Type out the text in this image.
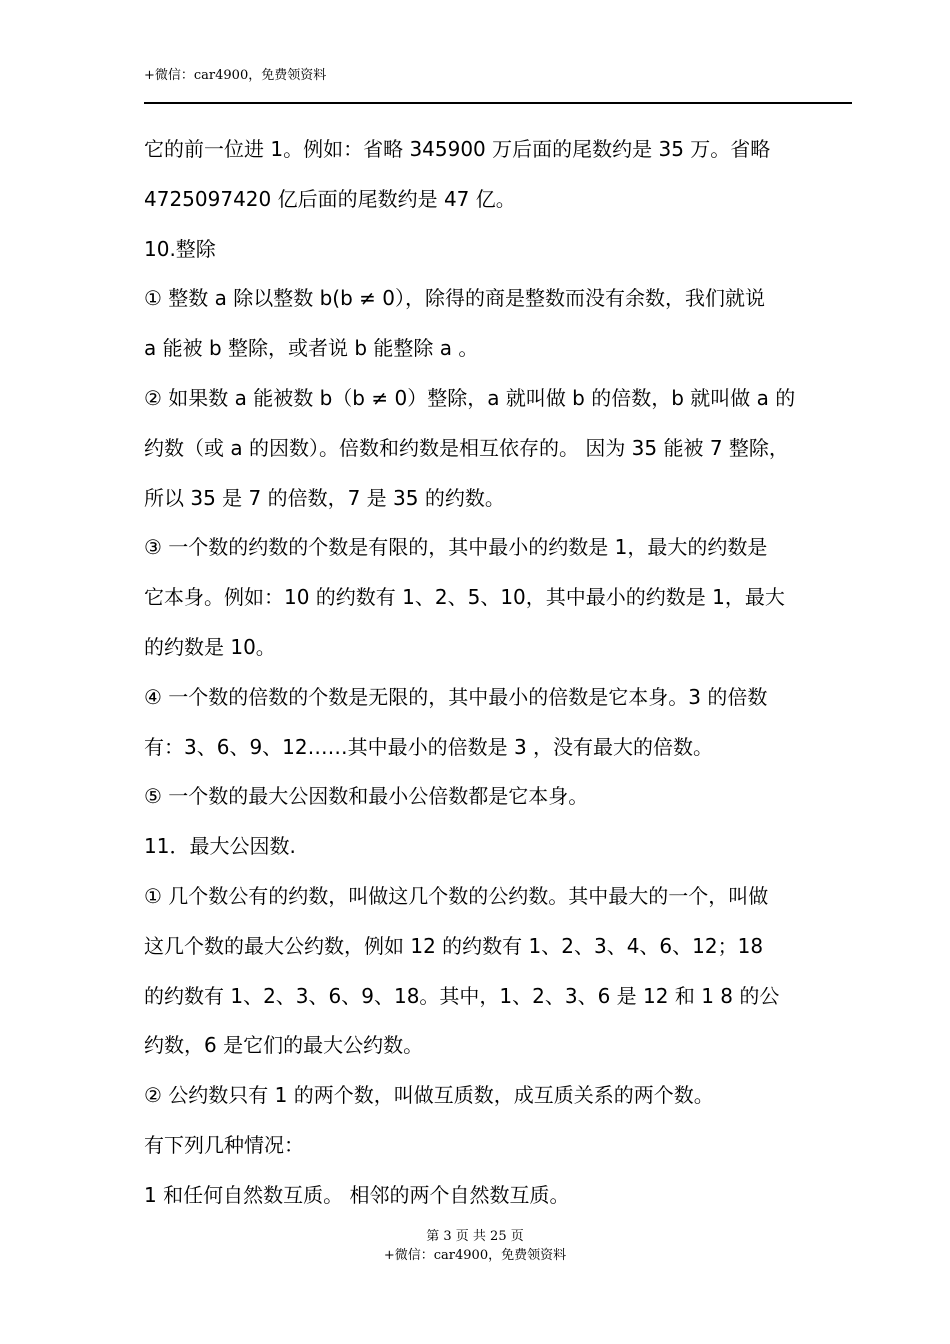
+微信：car4900，免费领资料
它的前一位进 1。例如：省略 345900 万后面的尾数约是 35 万。省略
4725097420 亿后面的尾数约是 47 亿。
10.整除
① 整数 a 除以整数 b(b ≠ 0），除得的商是整数而没有余数，我们就说
a 能被 b 整除，或者说 b 能整除 a 。
② 如果数 a 能被数 b（b ≠ 0）整除，a 就叫做 b 的倍数，b 就叫做 a 的
约数（或 a 的因数）。倍数和约数是相互依存的。 因为 35 能被 7 整除，
所以 35 是 7 的倍数，7 是 35 的约数。
③ 一个数的约数的个数是有限的，其中最小的约数是 1，最大的约数是
它本身。例如：10 的约数有 1、2、5、10，其中最小的约数是 1，最大
的约数是 10。
④ 一个数的倍数的个数是无限的，其中最小的倍数是它本身。3 的倍数
有：3、6、9、12……其中最小的倍数是 3 ，没有最大的倍数。
⑤ 一个数的最大公因数和最小公倍数都是它本身。
11．最大公因数.
① 几个数公有的约数，叫做这几个数的公约数。其中最大的一个，叫做
这几个数的最大公约数，例如 12 的约数有 1、2、3、4、6、12；18
的约数有 1、2、3、6、9、18。其中，1、2、3、6 是 12 和 1 8 的公
约数，6 是它们的最大公约数。
② 公约数只有 1 的两个数，叫做互质数，成互质关系的两个数。
有下列几种情况：
1 和任何自然数互质。 相邻的两个自然数互质。
第 3 页 共 25 页
+微信：car4900，免费领资料
